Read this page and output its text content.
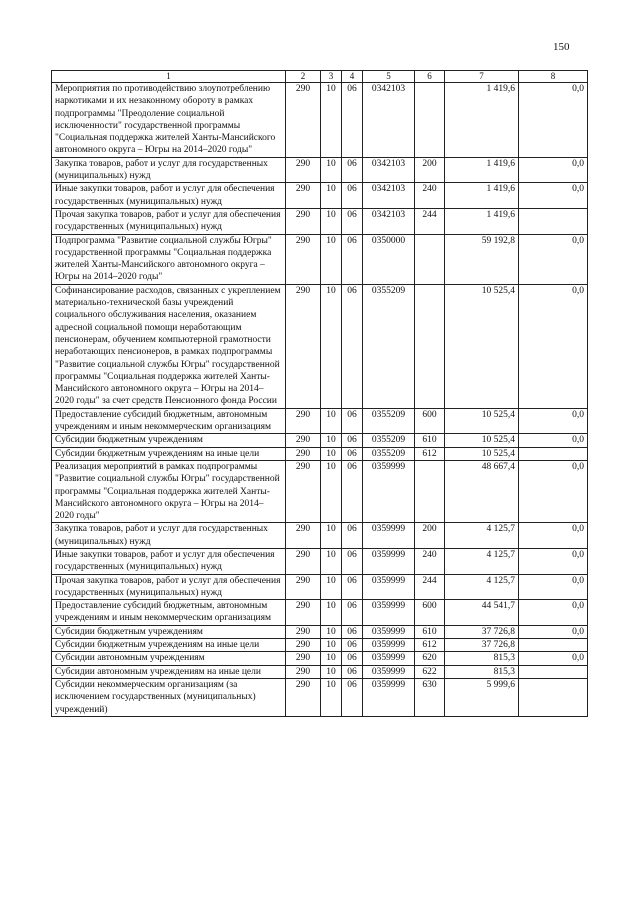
150
1	2	3	4	5	6	7	8
Мероприятия по противодействию злоупотреблению наркотиками и их незаконному обороту в рамках подпрограммы "Преодоление социальной исключенности" государственной программы "Социальная поддержка жителей Ханты-Мансийского автономного округа – Югры на 2014–2020 годы"	290	10	06	0342103		1 419,6	0,0
Закупка товаров, работ и услуг для государственных (муниципальных) нужд	290	10	06	0342103	200	1 419,6	0,0
Иные закупки товаров, работ и услуг для обеспечения государственных (муниципальных) нужд	290	10	06	0342103	240	1 419,6	0,0
Прочая закупка товаров, работ и услуг для обеспечения государственных (муниципальных) нужд	290	10	06	0342103	244	1 419,6	
Подпрограмма "Развитие социальной службы Югры" государственной программы "Социальная поддержка жителей Ханты-Мансийского автономного округа – Югры на 2014–2020 годы"	290	10	06	0350000		59 192,8	0,0
Софинансирование расходов, связанных с укреплением материально-технической базы учреждений социального обслуживания населения, оказанием адресной социальной помощи неработающим пенсионерам, обучением компьютерной грамотности неработающих пенсионеров, в рамках подпрограммы "Развитие социальной службы Югры" государственной программы "Социальная поддержка жителей Ханты-Мансийского автономного округа – Югры на 2014–2020 годы" за счет средств Пенсионного фонда России	290	10	06	0355209		10 525,4	0,0
Предоставление субсидий бюджетным, автономным учреждениям и иным некоммерческим организациям	290	10	06	0355209	600	10 525,4	0,0
Субсидии бюджетным учреждениям	290	10	06	0355209	610	10 525,4	0,0
Субсидии бюджетным учреждениям на иные цели	290	10	06	0355209	612	10 525,4	
Реализация мероприятий в рамках подпрограммы "Развитие социальной службы Югры" государственной программы "Социальная поддержка жителей Ханты-Мансийского автономного округа – Югры на 2014–2020 годы"	290	10	06	0359999		48 667,4	0,0
Закупка товаров, работ и услуг для государственных (муниципальных) нужд	290	10	06	0359999	200	4 125,7	0,0
Иные закупки товаров, работ и услуг для обеспечения государственных (муниципальных) нужд	290	10	06	0359999	240	4 125,7	0,0
Прочая закупка товаров, работ и услуг для обеспечения государственных (муниципальных) нужд	290	10	06	0359999	244	4 125,7	0,0
Предоставление субсидий бюджетным, автономным учреждениям и иным некоммерческим организациям	290	10	06	0359999	600	44 541,7	0,0
Субсидии бюджетным учреждениям	290	10	06	0359999	610	37 726,8	0,0
Субсидии бюджетным учреждениям на иные цели	290	10	06	0359999	612	37 726,8	
Субсидии автономным учреждениям	290	10	06	0359999	620	815,3	0,0
Субсидии автономным учреждениям на иные цели	290	10	06	0359999	622	815,3	
Субсидии некоммерческим организациям (за исключением государственных (муниципальных) учреждений)	290	10	06	0359999	630	5 999,6	
